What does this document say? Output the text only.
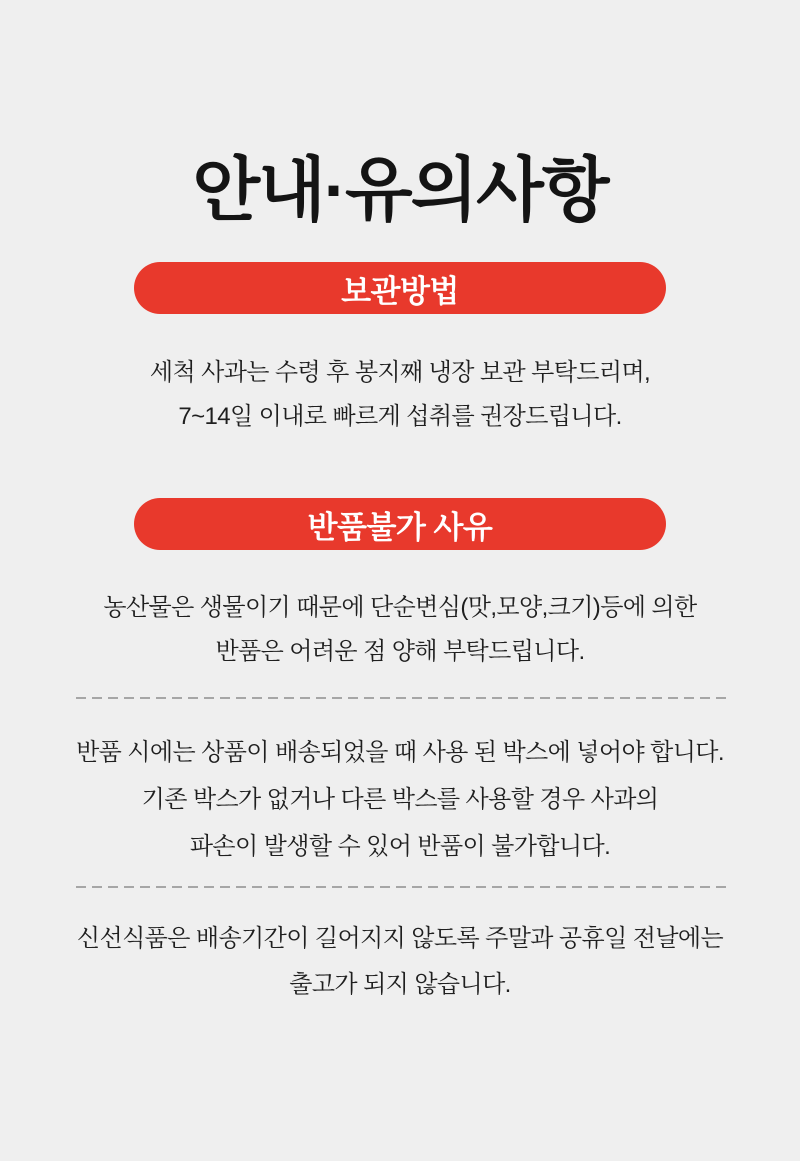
안내·유의사항
보관방법
세척 사과는 수령 후 봉지째 냉장 보관 부탁드리며,
7~14일 이내로 빠르게 섭취를 권장드립니다.
반품불가 사유
농산물은 생물이기 때문에 단순변심(맛,모양,크기)등에 의한
반품은 어려운 점 양해 부탁드립니다.
반품 시에는 상품이 배송되었을 때 사용 된 박스에 넣어야 합니다.
기존 박스가 없거나 다른 박스를 사용할 경우 사과의
파손이 발생할 수 있어 반품이 불가합니다.
신선식품은 배송기간이 길어지지 않도록 주말과 공휴일 전날에는
출고가 되지 않습니다.
